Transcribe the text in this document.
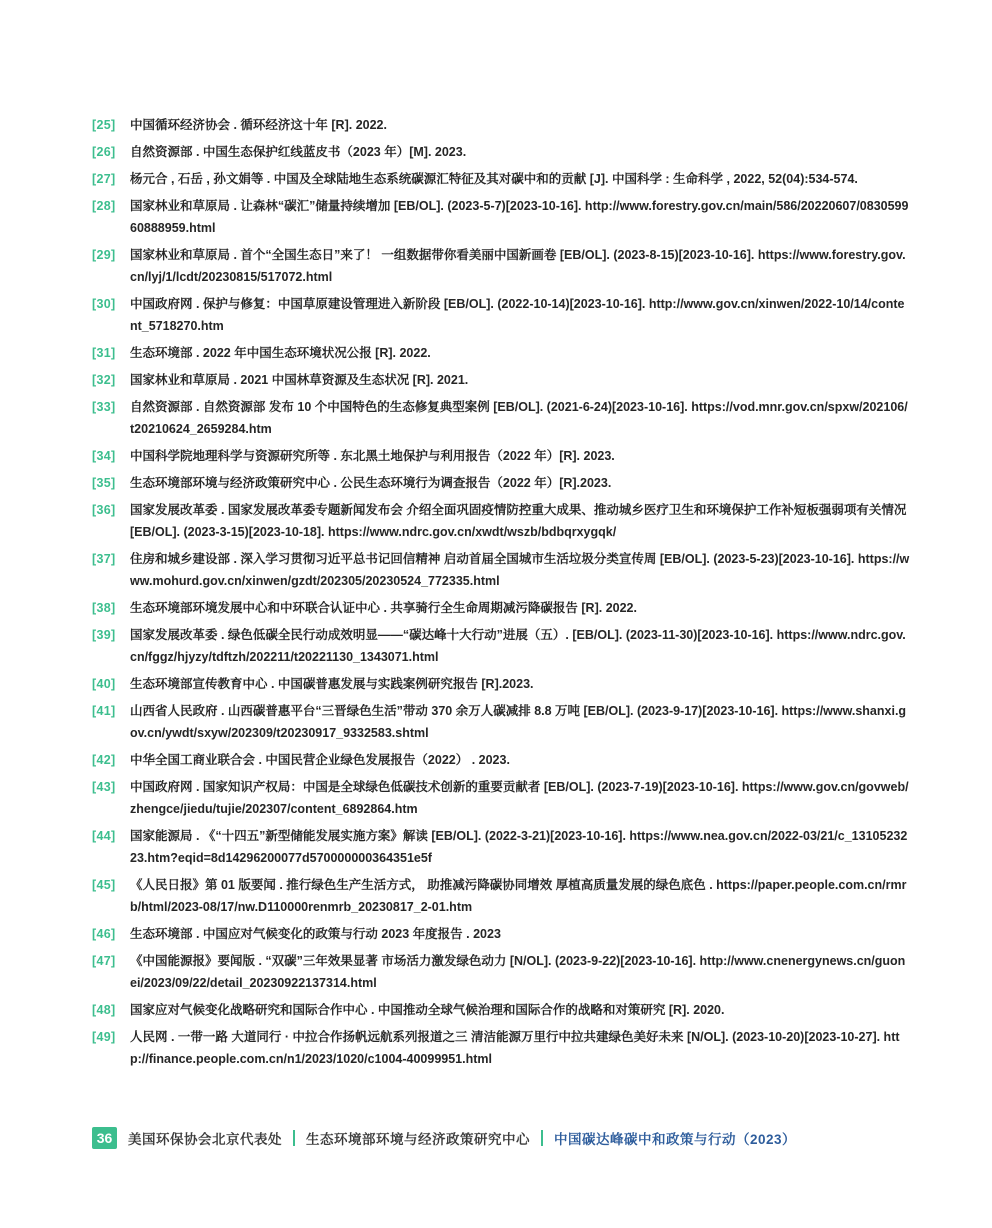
[25]	中国循环经济协会 . 循环经济这十年 [R]. 2022.
[26]	自然资源部 . 中国生态保护红线蓝皮书（2023 年）[M]. 2023.
[27]	杨元合 , 石岳 , 孙文娟等 . 中国及全球陆地生态系统碳源汇特征及其对碳中和的贡献 [J]. 中国科学 : 生命科学 , 2022, 52(04):534-574.
[28]	国家林业和草原局 . 让森林“碳汇”储量持续增加 [EB/OL]. (2023-5-7)[2023-10-16]. http://www.forestry.gov.cn/main/586/20220607/083059960888959.html
[29]	国家林业和草原局 . 首个“全国生态日”来了！ 一组数据带你看美丽中国新画卷 [EB/OL]. (2023-8-15)[2023-10-16]. https://www.forestry.gov.cn/lyj/1/lcdt/20230815/517072.html
[30]	中国政府网 . 保护与修复：中国草原建设管理进入新阶段 [EB/OL]. (2022-10-14)[2023-10-16]. http://www.gov.cn/xinwen/2022-10/14/content_5718270.htm
[31]	生态环境部 . 2022 年中国生态环境状况公报 [R]. 2022.
[32]	国家林业和草原局 . 2021 中国林草资源及生态状况 [R]. 2021.
[33]	自然资源部 . 自然资源部 发布 10 个中国特色的生态修复典型案例 [EB/OL]. (2021-6-24)[2023-10-16]. https://vod.mnr.gov.cn/spxw/202106/t20210624_2659284.htm
[34]	中国科学院地理科学与资源研究所等 . 东北黑土地保护与利用报告（2022 年）[R]. 2023.
[35]	生态环境部环境与经济政策研究中心 . 公民生态环境行为调查报告（2022 年）[R].2023.
[36]	国家发展改革委 . 国家发展改革委专题新闻发布会 介绍全面巩固疫情防控重大成果、推动城乡医疗卫生和环境保护工作补短板强弱项有关情况 [EB/OL]. (2023-3-15)[2023-10-18]. https://www.ndrc.gov.cn/xwdt/wszb/bdbqrxygqk/
[37]	住房和城乡建设部 . 深入学习贯彻习近平总书记回信精神 启动首届全国城市生活垃圾分类宣传周 [EB/OL]. (2023-5-23)[2023-10-16]. https://www.mohurd.gov.cn/xinwen/gzdt/202305/20230524_772335.html
[38]	生态环境部环境发展中心和中环联合认证中心 . 共享骑行全生命周期减污降碳报告 [R]. 2022.
[39]	国家发展改革委 . 绿色低碳全民行动成效明显——“碳达峰十大行动”进展（五）. [EB/OL]. (2023-11-30)[2023-10-16]. https://www.ndrc.gov.cn/fggz/hjyzy/tdftzh/202211/t20221130_1343071.html
[40]	生态环境部宣传教育中心 . 中国碳普惠发展与实践案例研究报告 [R].2023.
[41]	山西省人民政府 . 山西碳普惠平台“三晋绿色生活”带动 370 余万人碳减排 8.8 万吨 [EB/OL]. (2023-9-17)[2023-10-16]. https://www.shanxi.gov.cn/ywdt/sxyw/202309/t20230917_9332583.shtml
[42]	中华全国工商业联合会 . 中国民营企业绿色发展报告（2022） . 2023.
[43]	中国政府网 . 国家知识产权局：中国是全球绿色低碳技术创新的重要贡献者 [EB/OL]. (2023-7-19)[2023-10-16]. https://www.gov.cn/govweb/zhengce/jiedu/tujie/202307/content_6892864.htm
[44]	国家能源局 . 《“十四五”新型储能发展实施方案》解读 [EB/OL]. (2022-3-21)[2023-10-16]. https://www.nea.gov.cn/2022-03/21/c_1310523223.htm?eqid=8d14296200077d570000000364351e5f
[45]	《人民日报》第 01 版要闻 . 推行绿色生产生活方式， 助推减污降碳协同增效 厚植高质量发展的绿色底色 . https://paper.people.com.cn/rmrb/html/2023-08/17/nw.D110000renmrb_20230817_2-01.htm
[46]	生态环境部 . 中国应对气候变化的政策与行动 2023 年度报告 . 2023
[47]	《中国能源报》要闻版 . “双碳”三年效果显著 市场活力激发绿色动力 [N/OL]. (2023-9-22)[2023-10-16]. http://www.cnenergynews.cn/guonei/2023/09/22/detail_20230922137314.html
[48]	国家应对气候变化战略研究和国际合作中心 . 中国推动全球气候治理和国际合作的战略和对策研究 [R]. 2020.
[49]	人民网 . 一带一路 大道同行 · 中拉合作扬帆远航系列报道之三 清洁能源万里行中拉共建绿色美好未来 [N/OL]. (2023-10-20)[2023-10-27]. http://finance.people.com.cn/n1/2023/1020/c1004-40099951.html
36	美国环保协会北京代表处 生态环境部环境与经济政策研究中心 中国碳达峰碳中和政策与行动（2023）
